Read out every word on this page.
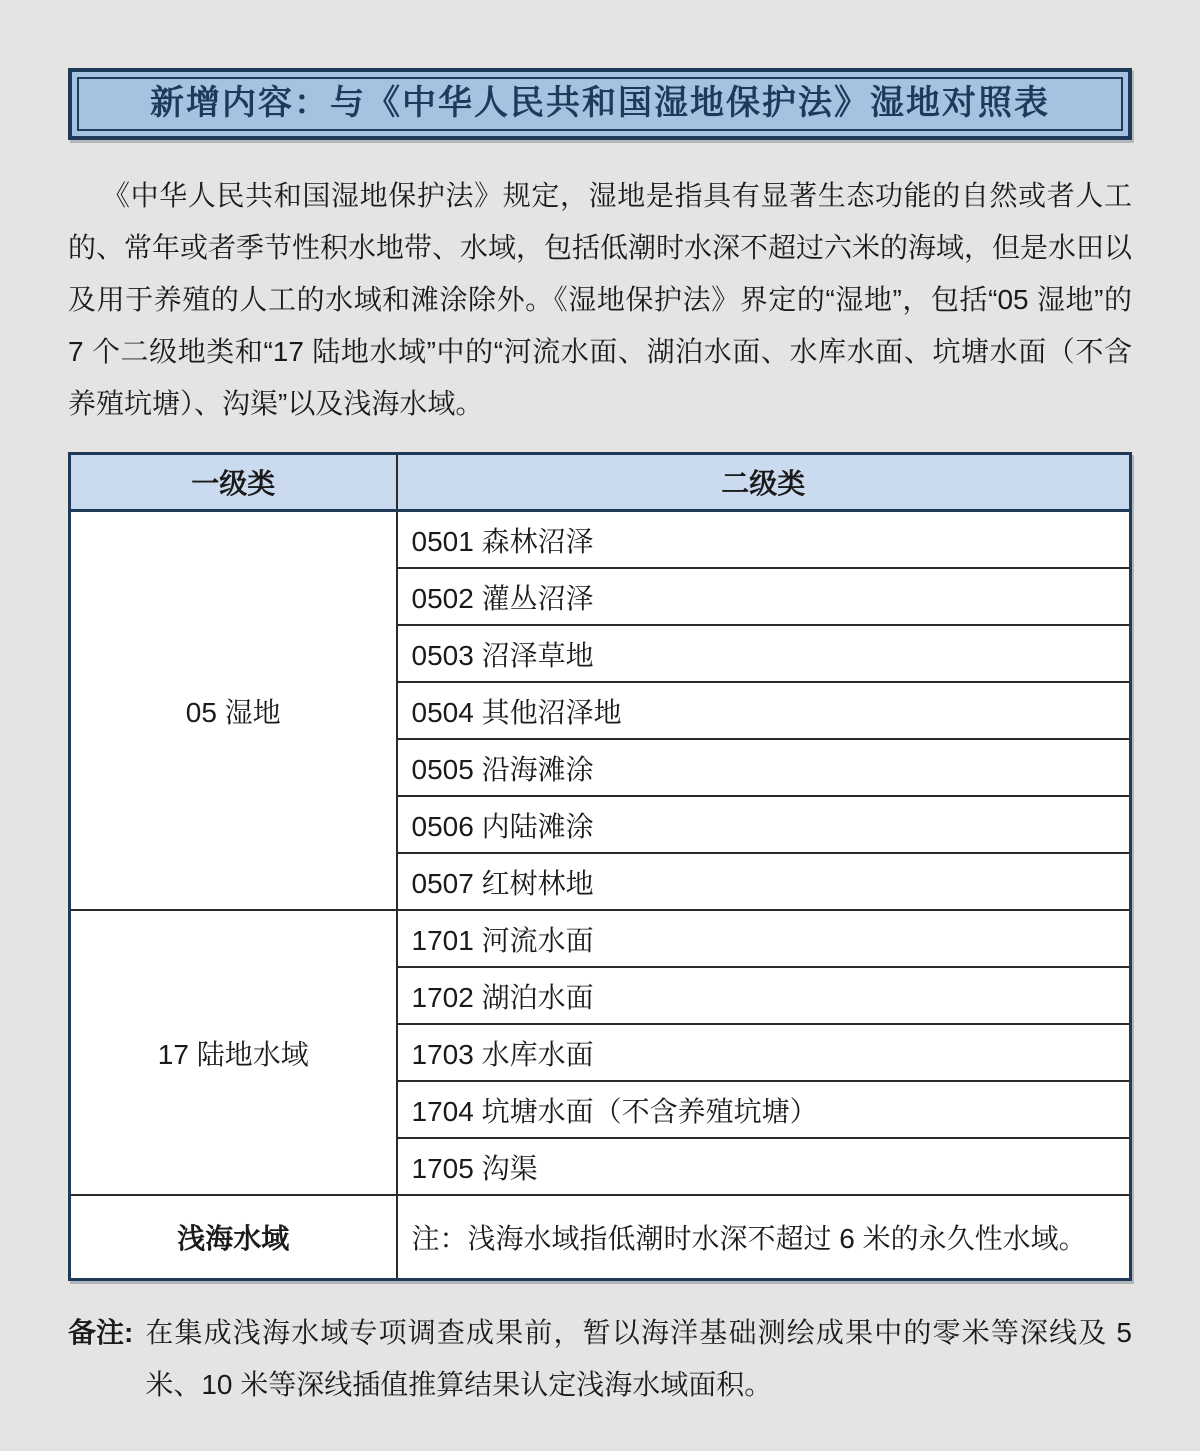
新增内容：与《中华人民共和国湿地保护法》湿地对照表

《中华人民共和国湿地保护法》规定，湿地是指具有显著生态功能的自然或者人工的、常年或者季节性积水地带、水域，包括低潮时水深不超过六米的海域，但是水田以及用于养殖的人工的水域和滩涂除外。《湿地保护法》界定的“湿地”，包括“05 湿地”的 7 个二级地类和“17 陆地水域”中的“河流水面、湖泊水面、水库水面、坑塘水面（不含养殖坑塘）、沟渠”以及浅海水域。

一级类	二级类
05 湿地	0501 森林沼泽
	0502 灌丛沼泽
	0503 沼泽草地
	0504 其他沼泽地
	0505 沿海滩涂
	0506 内陆滩涂
	0507 红树林地
17 陆地水域	1701 河流水面
	1702 湖泊水面
	1703 水库水面
	1704 坑塘水面（不含养殖坑塘）
	1705 沟渠
浅海水域	注：浅海水域指低潮时水深不超过 6 米的永久性水域。
备注: 在集成浅海水域专项调查成果前，暂以海洋基础测绘成果中的零米等深线及 5 米、10 米等深线插值推算结果认定浅海水域面积。
